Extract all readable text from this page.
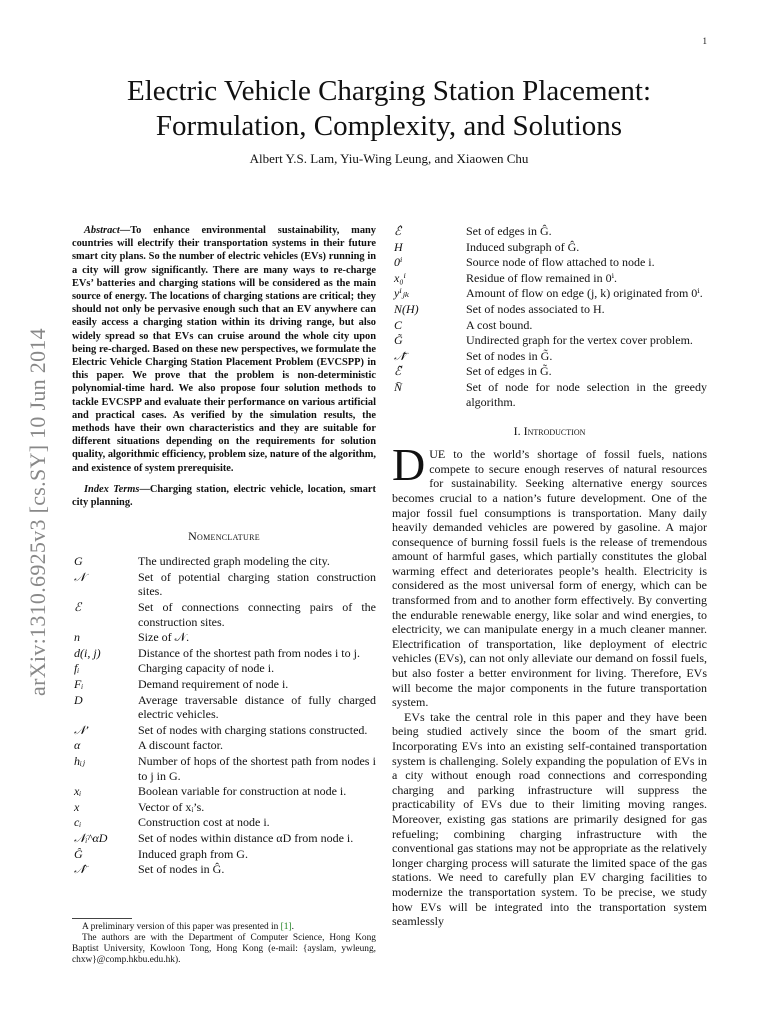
1
arXiv:1310.6925v3 [cs.SY] 10 Jun 2014
Electric Vehicle Charging Station Placement:
Formulation, Complexity, and Solutions

Albert Y.S. Lam, Yiu-Wing Leung, and Xiaowen Chu

Abstract—To enhance environmental sustainability, many countries will electrify their transportation systems in their future smart city plans. So the number of electric vehicles (EVs) running in a city will grow significantly. There are many ways to re-charge EVs’ batteries and charging stations will be considered as the main source of energy. The locations of charging stations are critical; they should not only be pervasive enough such that an EV anywhere can easily access a charging station within its driving range, but also widely spread so that EVs can cruise around the whole city upon being re-charged. Based on these new perspectives, we formulate the Electric Vehicle Charging Station Placement Problem (EVCSPP) in this paper. We prove that the problem is non-deterministic polynomial-time hard. We also propose four solution methods to tackle EVCSPP and evaluate their performance on various artificial and practical cases. As verified by the simulation results, the methods have their own characteristics and they are suitable for different situations depending on the requirements for solution quality, algorithmic efficiency, problem size, nature of the algorithm, and existence of system prerequisite.

Index Terms—Charging station, electric vehicle, location, smart city planning.

Nomenclature
G	The undirected graph modeling the city.
𝒩	Set of potential charging station construction sites.
ℰ	Set of connections connecting pairs of the construction sites.
n	Size of 𝒩.
d(i, j)	Distance of the shortest path from nodes i to j.
fᵢ	Charging capacity of node i.
Fᵢ	Demand requirement of node i.
D	Average traversable distance of fully charged electric vehicles.
𝒩′	Set of nodes with charging stations constructed.
α	A discount factor.
hᵢⱼ	Number of hops of the shortest path from nodes i to j in G.
xᵢ	Boolean variable for construction at node i.
x	Vector of xᵢ’s.
cᵢ	Construction cost at node i.
𝒩ᵢ^αD	Set of nodes within distance αD from node i.
Ĝ	Induced graph from G.
𝒩̂	Set of nodes in Ĝ.
ℰ̂	Set of edges in Ĝ.
H	Induced subgraph of Ĝ.
0ⁱ	Source node of flow attached to node i.
x₀ⁱ	Residue of flow remained in 0ⁱ.
yⁱⱼₖ	Amount of flow on edge (j, k) originated from 0ⁱ.
N(H)	Set of nodes associated to H.
C	A cost bound.
G̃	Undirected graph for the vertex cover problem.
𝒩̃	Set of nodes in G̃.
ℰ̃	Set of edges in G̃.
N̄	Set of node for node selection in the greedy algorithm.
I. Introduction

DUE to the world’s shortage of fossil fuels, nations compete to secure enough reserves of natural resources for sustainability. Seeking alternative energy sources becomes crucial to a nation’s future development. One of the major fossil fuel consumptions is transportation. Many daily heavily demanded vehicles are powered by gasoline. A major consequence of burning fossil fuels is the release of tremendous amount of harmful gases, which partially constitutes the global warming effect and deteriorates people’s health. Electricity is considered as the most universal form of energy, which can be transformed from and to another form effectively. By converting the endurable renewable energy, like solar and wind energies, to electricity, we can manipulate energy in a much cleaner manner. Electrification of transportation, like deployment of electric vehicles (EVs), can not only alleviate our demand on fossil fuels, but also foster a better environment for living. Therefore, EVs will become the major components in the future transportation system.

EVs take the central role in this paper and they have been being studied actively since the boom of the smart grid. Incorporating EVs into an existing self-contained transportation system is challenging. Solely expanding the population of EVs in a city without enough road connections and corresponding charging and parking infrastructure will suppress the practicability of EVs due to their limiting moving ranges. Moreover, existing gas stations are primarily designed for gas refueling; combining charging infrastructure with the conventional gas stations may not be appropriate as the relatively longer charging process will saturate the limited space of the gas stations. We need to carefully plan EV charging facilities to modernize the transportation system. To be precise, we study how EVs will be integrated into the transportation system seamlessly

A preliminary version of this paper was presented in [1].

The authors are with the Department of Computer Science, Hong Kong Baptist University, Kowloon Tong, Hong Kong (e-mail: {ayslam, ywleung, chxw}@comp.hkbu.edu.hk).
